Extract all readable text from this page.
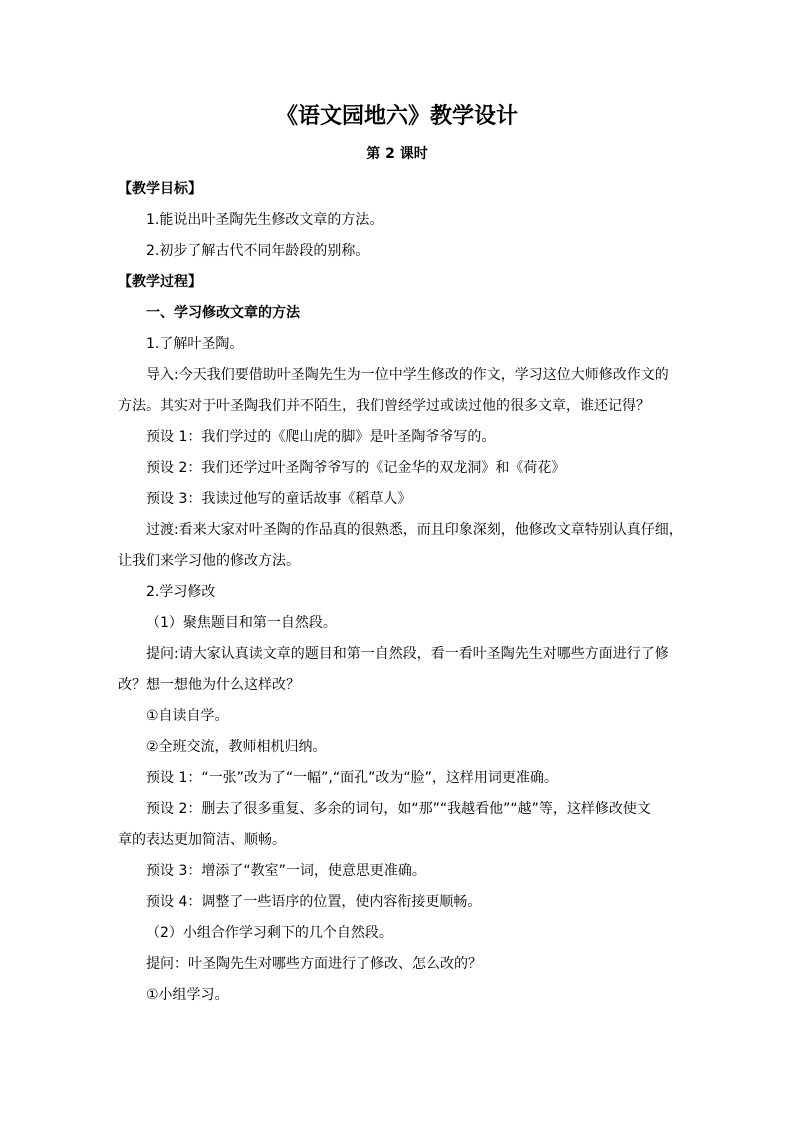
《语文园地六》教学设计
第 2 课时
【教学目标】
1.能说出叶圣陶先生修改文章的方法。
2.初步了解古代不同年龄段的别称。
【教学过程】
一、学习修改文章的方法
1.了解叶圣陶。
导入:今天我们要借助叶圣陶先生为一位中学生修改的作文，学习这位大师修改作文的
方法。其实对于叶圣陶我们并不陌生，我们曾经学过或读过他的很多文章，谁还记得？
预设 1：我们学过的《爬山虎的脚》是叶圣陶爷爷写的。
预设 2：我们还学过叶圣陶爷爷写的《记金华的双龙洞》和《荷花》
预设 3：我读过他写的童话故事《稻草人》
过渡:看来大家对叶圣陶的作品真的很熟悉，而且印象深刻，他修改文章特别认真仔细，
让我们来学习他的修改方法。
2.学习修改
（1）聚焦题目和第一自然段。
提问:请大家认真读文章的题目和第一自然段，看一看叶圣陶先生对哪些方面进行了修
改？想一想他为什么这样改？
①自读自学。
②全班交流，教师相机归纳。
预设 1：“一张”改为了“一幅”,“面孔”改为“脸”，这样用词更准确。
预设 2：删去了很多重复、多余的词句，如“那”“我越看他”“越”等，这样修改使文
章的表达更加简洁、顺畅。
预设 3：增添了“教室”一词，使意思更准确。
预设 4：调整了一些语序的位置，使内容衔接更顺畅。
（2）小组合作学习剩下的几个自然段。
提问：叶圣陶先生对哪些方面进行了修改、怎么改的？
①小组学习。
